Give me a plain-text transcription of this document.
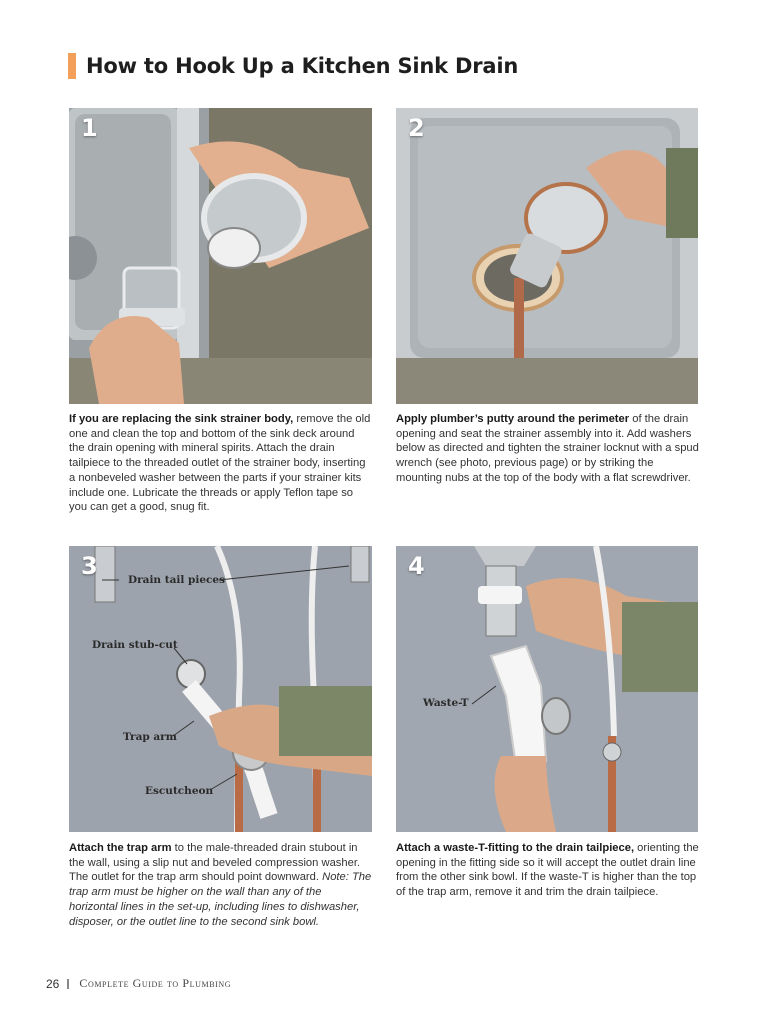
How to Hook Up a Kitchen Sink Drain
1	2
If you are replacing the sink strainer body, remove the old one and clean the top and bottom of the sink deck around the drain opening with mineral spirits. Attach the drain tailpiece to the threaded outlet of the strainer body, inserting a nonbeveled washer between the parts if your strainer kits include one. Lubricate the threads or apply Teflon tape so you can get a good, snug fit.
Apply plumber’s putty around the perimeter of the drain opening and seat the strainer assembly into it. Add washers below as directed and tighten the strainer locknut with a spud wrench (see photo, previous page) or by striking the mounting nubs at the top of the body with a flat screwdriver.
3	Drain tail pieces
Drain stub-cut
Trap arm
Escutcheon
4
Waste-T
Attach the trap arm to the male-threaded drain stubout in the wall, using a slip nut and beveled compression washer. The outlet for the trap arm should point downward. Note: The trap arm must be higher on the wall than any of the horizontal lines in the set-up, including lines to dishwasher, disposer, or the outlet line to the second sink bowl.
Attach a waste-T-fitting to the drain tailpiece, orienting the opening in the fitting side so it will accept the outlet drain line from the other sink bowl. If the waste-T is higher than the top of the trap arm, remove it and trim the drain tailpiece.
26 Complete Guide to Plumbing
